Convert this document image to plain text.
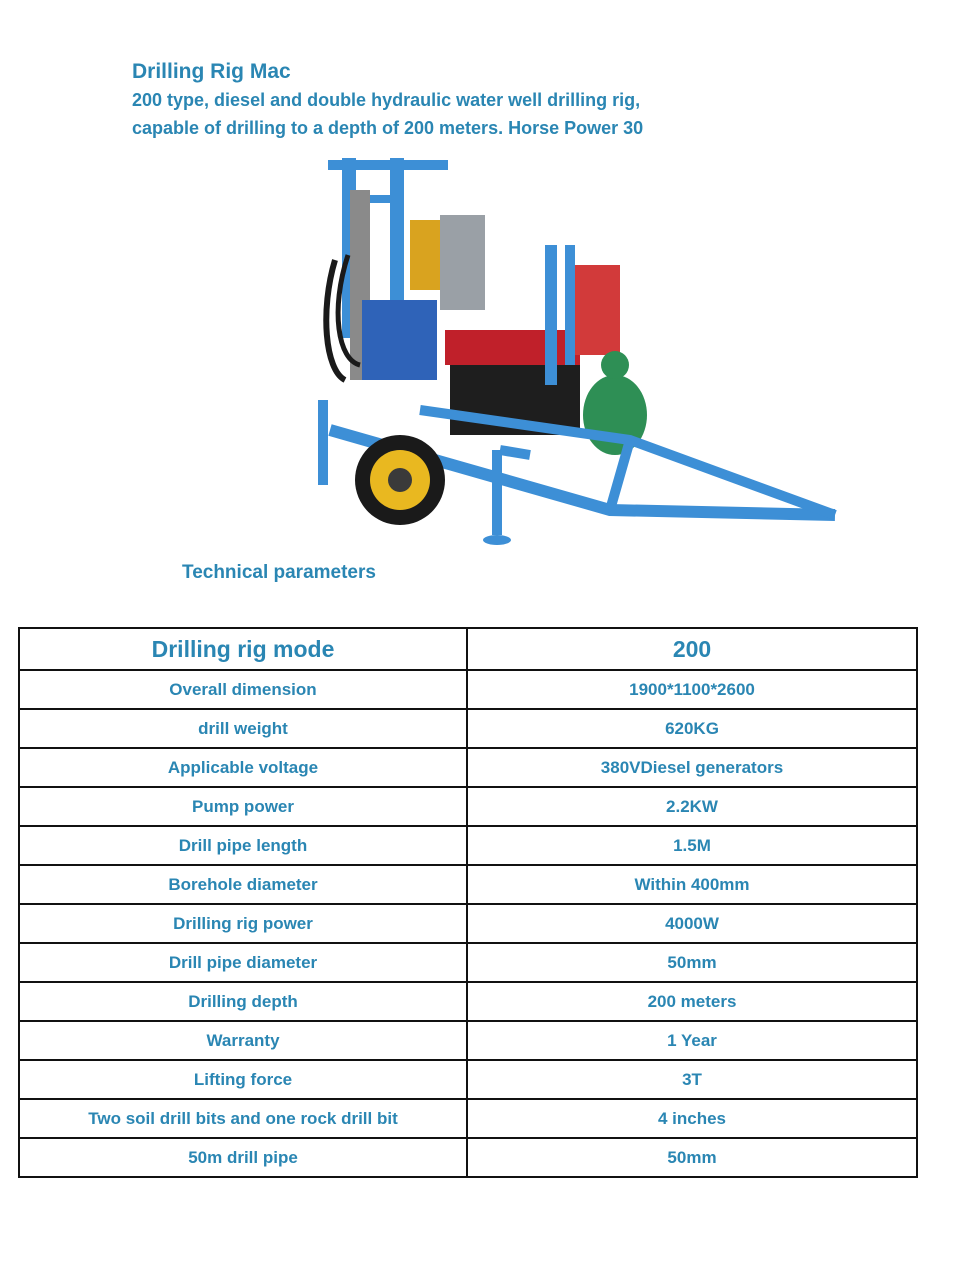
Drilling Rig Mac
200 type, diesel and double hydraulic water well drilling rig,
capable of drilling to a depth of 200 meters. Horse Power 30
Technical parameters
Drilling rig mode	200
Overall dimension	1900*1100*2600
drill weight	620KG
Applicable voltage	380VDiesel generators
Pump power	2.2KW
Drill pipe length	1.5M
Borehole diameter	Within 400mm
Drilling rig power	4000W
Drill pipe diameter	50mm
Drilling depth	200 meters
Warranty	1 Year
Lifting force	3T
Two soil drill bits and one rock drill bit	4 inches
50m drill pipe	50mm
